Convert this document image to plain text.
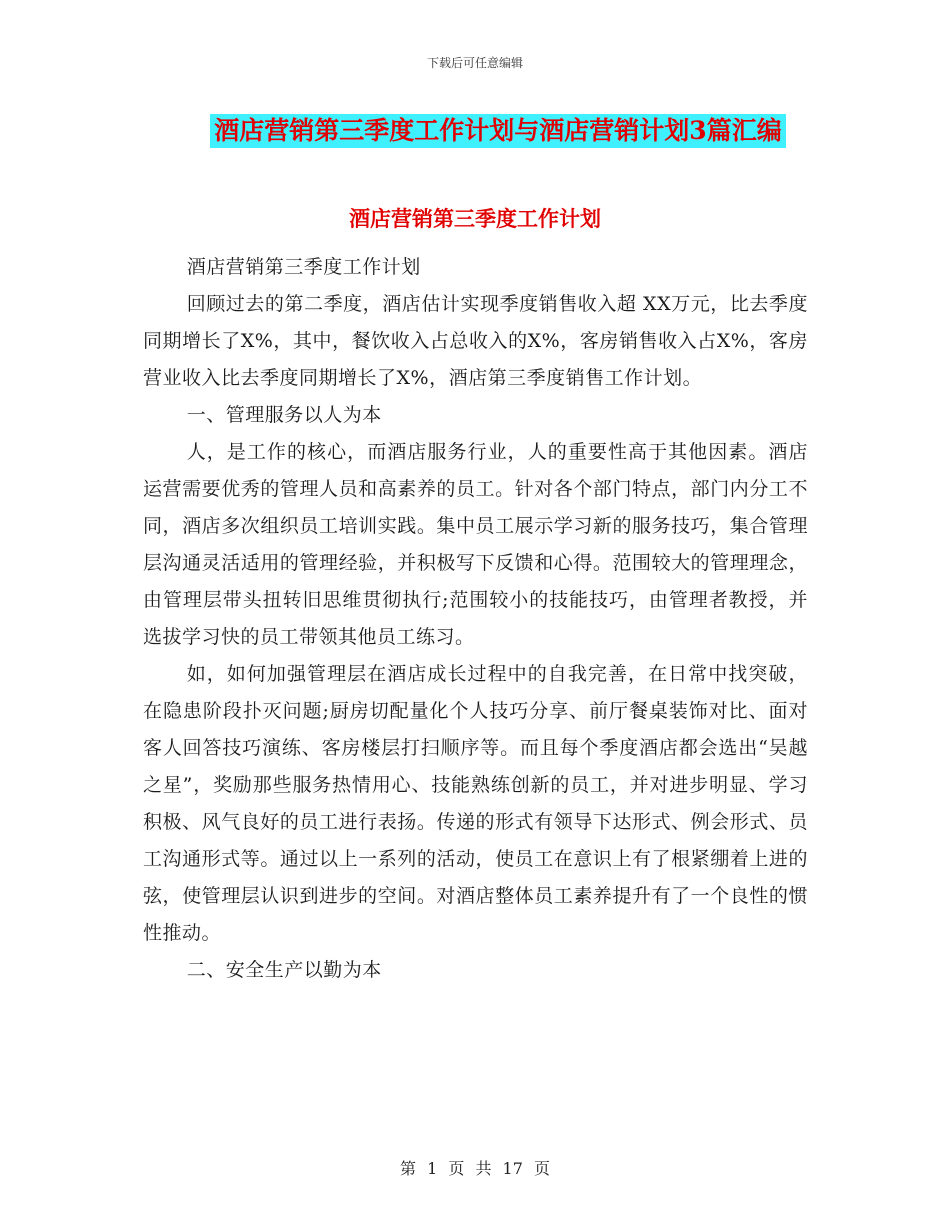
下载后可任意编辑
酒店营销第三季度工作计划与酒店营销计划3篇汇编
酒店营销第三季度工作计划

酒店营销第三季度工作计划

回顾过去的第二季度，酒店估计实现季度销售收入超 XX万元，比去季度同期增长了X%，其中，餐饮收入占总收入的X%，客房销售收入占X%，客房营业收入比去季度同期增长了X%，酒店第三季度销售工作计划。

一、管理服务以人为本

人，是工作的核心，而酒店服务行业，人的重要性高于其他因素。酒店运营需要优秀的管理人员和高素养的员工。针对各个部门特点，部门内分工不同，酒店多次组织员工培训实践。集中员工展示学习新的服务技巧，集合管理层沟通灵活适用的管理经验，并积极写下反馈和心得。范围较大的管理理念，由管理层带头扭转旧思维贯彻执行;范围较小的技能技巧，由管理者教授，并选拔学习快的员工带领其他员工练习。

如，如何加强管理层在酒店成长过程中的自我完善，在日常中找突破，在隐患阶段扑灭问题;厨房切配量化个人技巧分享、前厅餐桌装饰对比、面对客人回答技巧演练、客房楼层打扫顺序等。而且每个季度酒店都会选出“吴越之星”，奖励那些服务热情用心、技能熟练创新的员工，并对进步明显、学习积极、风气良好的员工进行表扬。传递的形式有领导下达形式、例会形式、员工沟通形式等。通过以上一系列的活动，使员工在意识上有了根紧绷着上进的弦，使管理层认识到进步的空间。对酒店整体员工素养提升有了一个良性的惯性推动。

二、安全生产以勤为本

第 1 页 共 17 页
